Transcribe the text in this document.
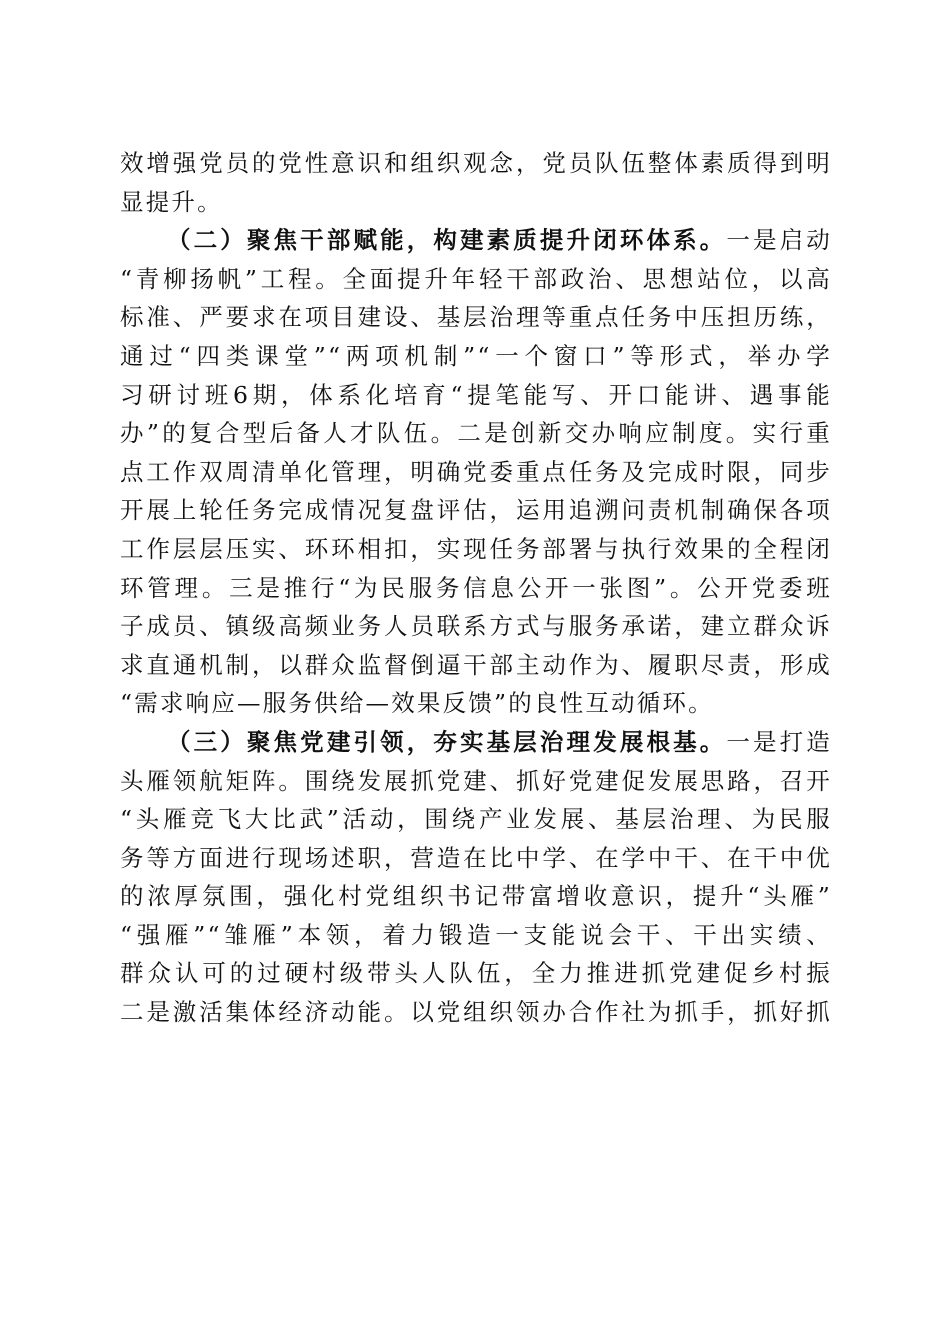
效增强党员的党性意识和组织观念，党员队伍整体素质得到明
显提升。
（二）聚焦干部赋能，构建素质提升闭环体系。一是启动
“青柳扬帆”工程。全面提升年轻干部政治、思想站位，以高
标准、严要求在项目建设、基层治理等重点任务中压担历练，
通过“四类课堂”“两项机制”“一个窗口”等形式，举办学
习研讨班6期，体系化培育“提笔能写、开口能讲、遇事能
办”的复合型后备人才队伍。二是创新交办响应制度。实行重
点工作双周清单化管理，明确党委重点任务及完成时限，同步
开展上轮任务完成情况复盘评估，运用追溯问责机制确保各项
工作层层压实、环环相扣，实现任务部署与执行效果的全程闭
环管理。三是推行“为民服务信息公开一张图”。公开党委班
子成员、镇级高频业务人员联系方式与服务承诺，建立群众诉
求直通机制，以群众监督倒逼干部主动作为、履职尽责，形成
“需求响应—服务供给—效果反馈”的良性互动循环。
（三）聚焦党建引领，夯实基层治理发展根基。一是打造
头雁领航矩阵。围绕发展抓党建、抓好党建促发展思路，召开
“头雁竞飞大比武”活动，围绕产业发展、基层治理、为民服
务等方面进行现场述职，营造在比中学、在学中干、在干中优
的浓厚氛围，强化村党组织书记带富增收意识，提升“头雁”
“强雁”“雏雁”本领，着力锻造一支能说会干、干出实绩、
群众认可的过硬村级带头人队伍，全力推进抓党建促乡村振
二是激活集体经济动能。以党组织领办合作社为抓手，抓好抓
